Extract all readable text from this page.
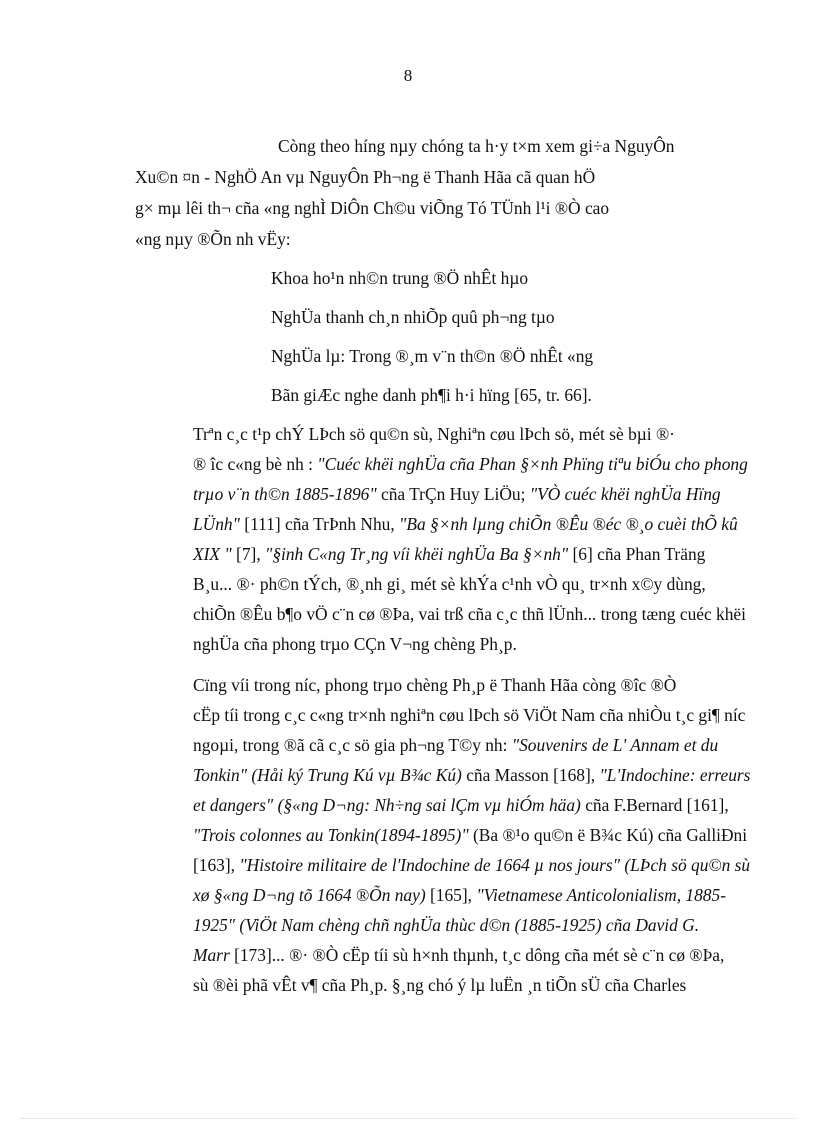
8
Còng theo híng nµy chóng ta h·y t×m xem gi÷a NguyÔn
Xu©n ¤n - NghÖ An vµ NguyÔn Ph¬ng ë Thanh Hãa cã quan hÖ
g× mµ lêi th¬ cña «ng nghÌ DiÔn Ch©u viÕng Tó TÜnh l¹i ®Ò cao
«ng nµy ®Õn nh vËy:
Khoa ho¹n nh©n trung ®Ö nhÊt hµo
NghÜa thanh ch¸n nhiÕp quû ph¬ng tµo
NghÜa lµ: Trong ®¸m v¨n th©n ®Ö nhÊt «ng
Bãn giÆc nghe danh ph¶i h·i hïng [65, tr. 66].
Trªn c¸c t¹p chÝ LÞch sö qu©n sù, Nghiªn cøu lÞch sö, mét sè bµi ®·
® îc c«ng bè nh : "Cuéc khëi nghÜa cña Phan §×nh Phïng tiªu biÓu cho phong
trµo v¨n th©n 1885-1896" cña TrÇn Huy LiÖu; "VÒ cuéc khëi nghÜa Hïng
LÜnh" [111] cña TrÞnh Nhu, "Ba §×nh lµng chiÕn ®Êu ®éc ®¸o cuèi thÕ kû
XIX " [7], "§inh C«ng Tr¸ng víi khëi nghÜa Ba §×nh" [6] cña Phan Träng
B¸u... ®· ph©n tÝch, ®¸nh gi¸ mét sè khÝa c¹nh vÒ qu¸ tr×nh x©y dùng,
chiÕn ®Êu b¶o vÖ c¨n cø ®Þa, vai trß cña c¸c thñ lÜnh... trong tæng cuéc khëi
nghÜa cña phong trµo CÇn V¬ng chèng Ph¸p.
Cïng víi trong níc, phong trµo chèng Ph¸p ë Thanh Hãa còng ®îc ®Ò
cËp tíi trong c¸c c«ng tr×nh nghiªn cøu lÞch sö ViÖt Nam cña nhiÒu t¸c gi¶ níc
ngoµi, trong ®ã cã c¸c sö gia ph¬ng T©y nh: "Souvenirs de L' Annam et du
Tonkin" (Håi ký Trung Kú vµ B¾c Kú) cña Masson [168], "L'Indochine: erreurs
et dangers" (§«ng D¬ng: Nh÷ng sai lÇm vµ hiÓm häa) cña F.Bernard [161],
"Trois colonnes au Tonkin(1894-1895)" (Ba ®¹o qu©n ë B¾c Kú) cña GalliÐni
[163], "Histoire militaire de l'Indochine de 1664 µ nos jours" (LÞch sö qu©n sù
xø §«ng D¬ng tõ 1664 ®Õn nay) [165], "Vietnamese Anticolonialism, 1885-
1925" (ViÖt Nam chèng chñ nghÜa thùc d©n (1885-1925) cña David G.
Marr [173]... ®· ®Ò cËp tíi sù h×nh thµnh, t¸c dông cña mét sè c¨n cø ®Þa,
sù ®èi phã vÊt v¶ cña Ph¸p. §¸ng chó ý lµ luËn ¸n tiÕn sÜ cña Charles
